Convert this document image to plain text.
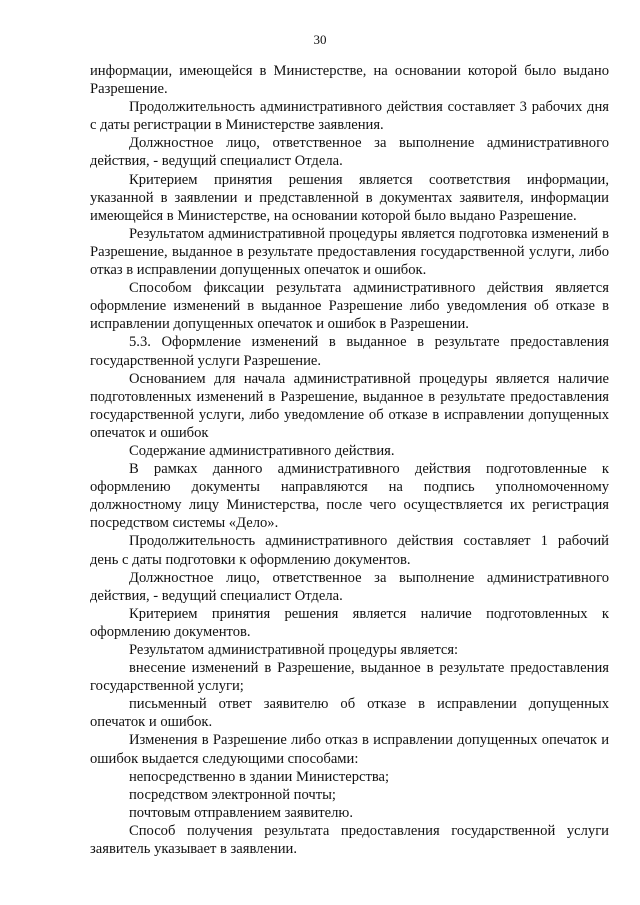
30

информации, имеющейся в Министерстве, на основании которой было выдано Разрешение.

Продолжительность административного действия составляет 3 рабочих дня с даты регистрации в Министерстве заявления.

Должностное лицо, ответственное за выполнение административного действия, - ведущий специалист Отдела.

Критерием принятия решения является соответствия информации, указанной в заявлении и представленной в документах заявителя, информации имеющейся в Министерстве, на основании которой было выдано Разрешение.

Результатом административной процедуры является подготовка изменений в Разрешение, выданное в результате предоставления государственной услуги, либо отказ в исправлении допущенных опечаток и ошибок.

Способом фиксации результата административного действия является оформление изменений в выданное Разрешение либо уведомления об отказе в исправлении допущенных опечаток и ошибок в Разрешении.

5.3. Оформление изменений в выданное в результате предоставления государственной услуги Разрешение.

Основанием для начала административной процедуры является наличие подготовленных изменений в Разрешение, выданное в результате предоставления государственной услуги, либо уведомление об отказе в исправлении допущенных опечаток и ошибок

Содержание административного действия.

В рамках данного административного действия подготовленные к оформлению документы направляются на подпись уполномоченному должностному лицу Министерства, после чего осуществляется их регистрация посредством системы «Дело».

Продолжительность административного действия составляет 1 рабочий день с даты подготовки к оформлению документов.

Должностное лицо, ответственное за выполнение административного действия, - ведущий специалист Отдела.

Критерием принятия решения является наличие подготовленных к оформлению документов.

Результатом административной процедуры является:

внесение изменений в Разрешение, выданное в результате предоставления государственной услуги;

письменный ответ заявителю об отказе в исправлении допущенных опечаток и ошибок.

Изменения в Разрешение либо отказ в исправлении допущенных опечаток и ошибок выдается следующими способами:

непосредственно в здании Министерства;

посредством электронной почты;

почтовым отправлением заявителю.

Способ получения результата предоставления государственной услуги заявитель указывает в заявлении.
